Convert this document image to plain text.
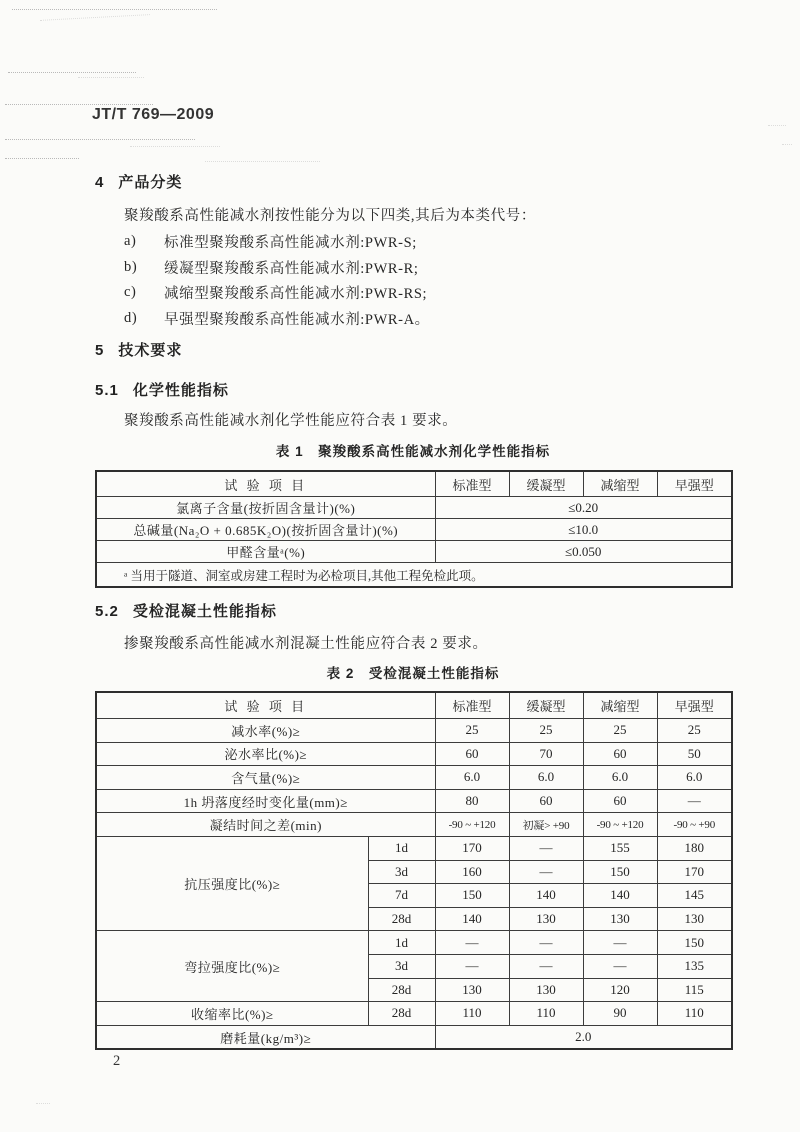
JT/T 769—2009
4 产品分类
聚羧酸系高性能减水剂按性能分为以下四类,其后为本类代号：
a)	标准型聚羧酸系高性能减水剂:PWR-S;
b)	缓凝型聚羧酸系高性能减水剂:PWR-R;
c)	减缩型聚羧酸系高性能减水剂:PWR-RS;
d)	早强型聚羧酸系高性能减水剂:PWR-A。
5 技术要求
5.1 化学性能指标
聚羧酸系高性能减水剂化学性能应符合表 1 要求。
表 1　聚羧酸系高性能减水剂化学性能指标
试 验 项 目	标准型	缓凝型	减缩型	早强型
氯离子含量(按折固含量计)(%)	≤0.20			
总碱量(Na₂O + 0.685K₂O)(按折固含量计)(%)	≤10.0			
甲醛含量ᵃ(%)	≤0.050			
ᵃ 当用于隧道、洞室或房建工程时为必检项目,其他工程免检此项。				
5.2 受检混凝土性能指标
掺聚羧酸系高性能减水剂混凝土性能应符合表 2 要求。
表 2　受检混凝土性能指标
试 验 项 目		标准型	缓凝型	减缩型	早强型
减水率(%)≥		25	25	25	25
泌水率比(%)≥		60	70	60	50
含气量(%)≥		6.0	6.0	6.0	6.0
1h 坍落度经时变化量(mm)≥		80	60	60	—
凝结时间之差(min)		-90 ~ +120	初凝> +90	-90 ~ +120	-90 ~ +90
抗压强度比(%)≥	1d	170	—	155	180
	3d	160	—	150	170
	7d	150	140	140	145
	28d	140	130	130	130
弯拉强度比(%)≥	1d	—	—	—	150
	3d	—	—	—	135
	28d	130	130	120	115
收缩率比(%)≥	28d	110	110	90	110
磨耗量(kg/m³)≥		2.0			
2
